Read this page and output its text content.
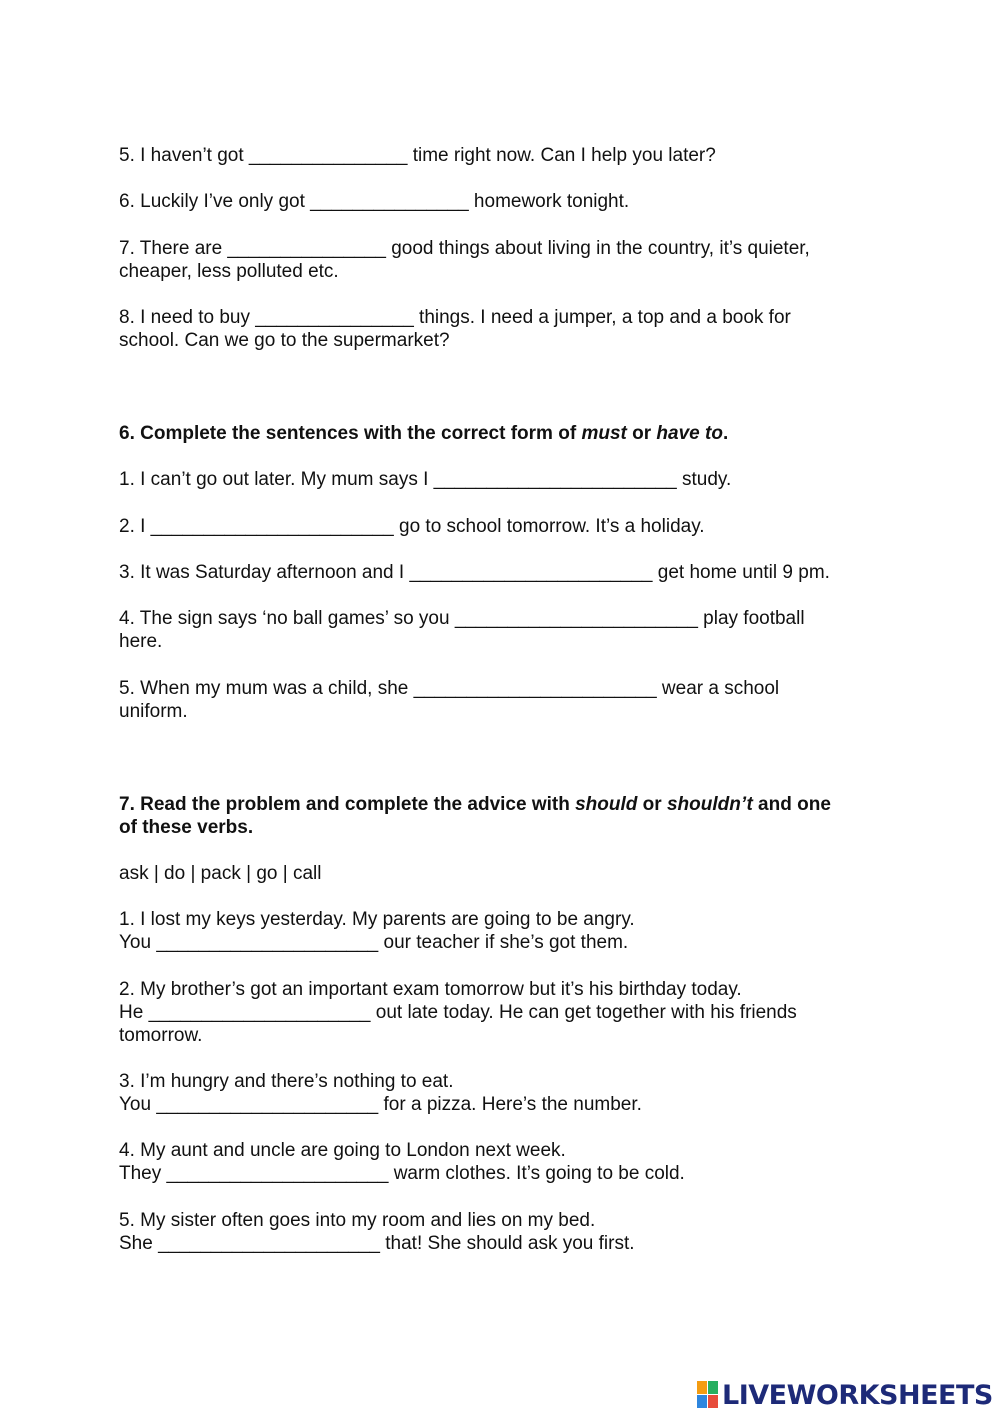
5. I haven’t got _______________ time right now. Can I help you later?
6. Luckily I’ve only got _______________ homework tonight.
7. There are _______________ good things about living in the country, it’s quieter,
cheaper, less polluted etc.
8. I need to buy _______________ things. I need a jumper, a top and a book for
school. Can we go to the supermarket?
6. Complete the sentences with the correct form of must or have to.
1. I can’t go out later. My mum says I _______________________ study.
2. I _______________________ go to school tomorrow. It’s a holiday.
3. It was Saturday afternoon and I _______________________ get home until 9 pm.
4. The sign says ‘no ball games’ so you _______________________ play football
here.
5. When my mum was a child, she _______________________ wear a school
uniform.
7. Read the problem and complete the advice with should or shouldn’t and one
of these verbs.
ask | do | pack | go | call
1. I lost my keys yesterday. My parents are going to be angry.
You _____________________ our teacher if she’s got them.
2. My brother’s got an important exam tomorrow but it’s his birthday today.
He _____________________ out late today. He can get together with his friends
tomorrow.
3. I’m hungry and there’s nothing to eat.
You _____________________ for a pizza. Here’s the number.
4. My aunt and uncle are going to London next week.
They _____________________ warm clothes. It’s going to be cold.
5. My sister often goes into my room and lies on my bed.
She _____________________ that! She should ask you first.
LIVEWORKSHEETS
